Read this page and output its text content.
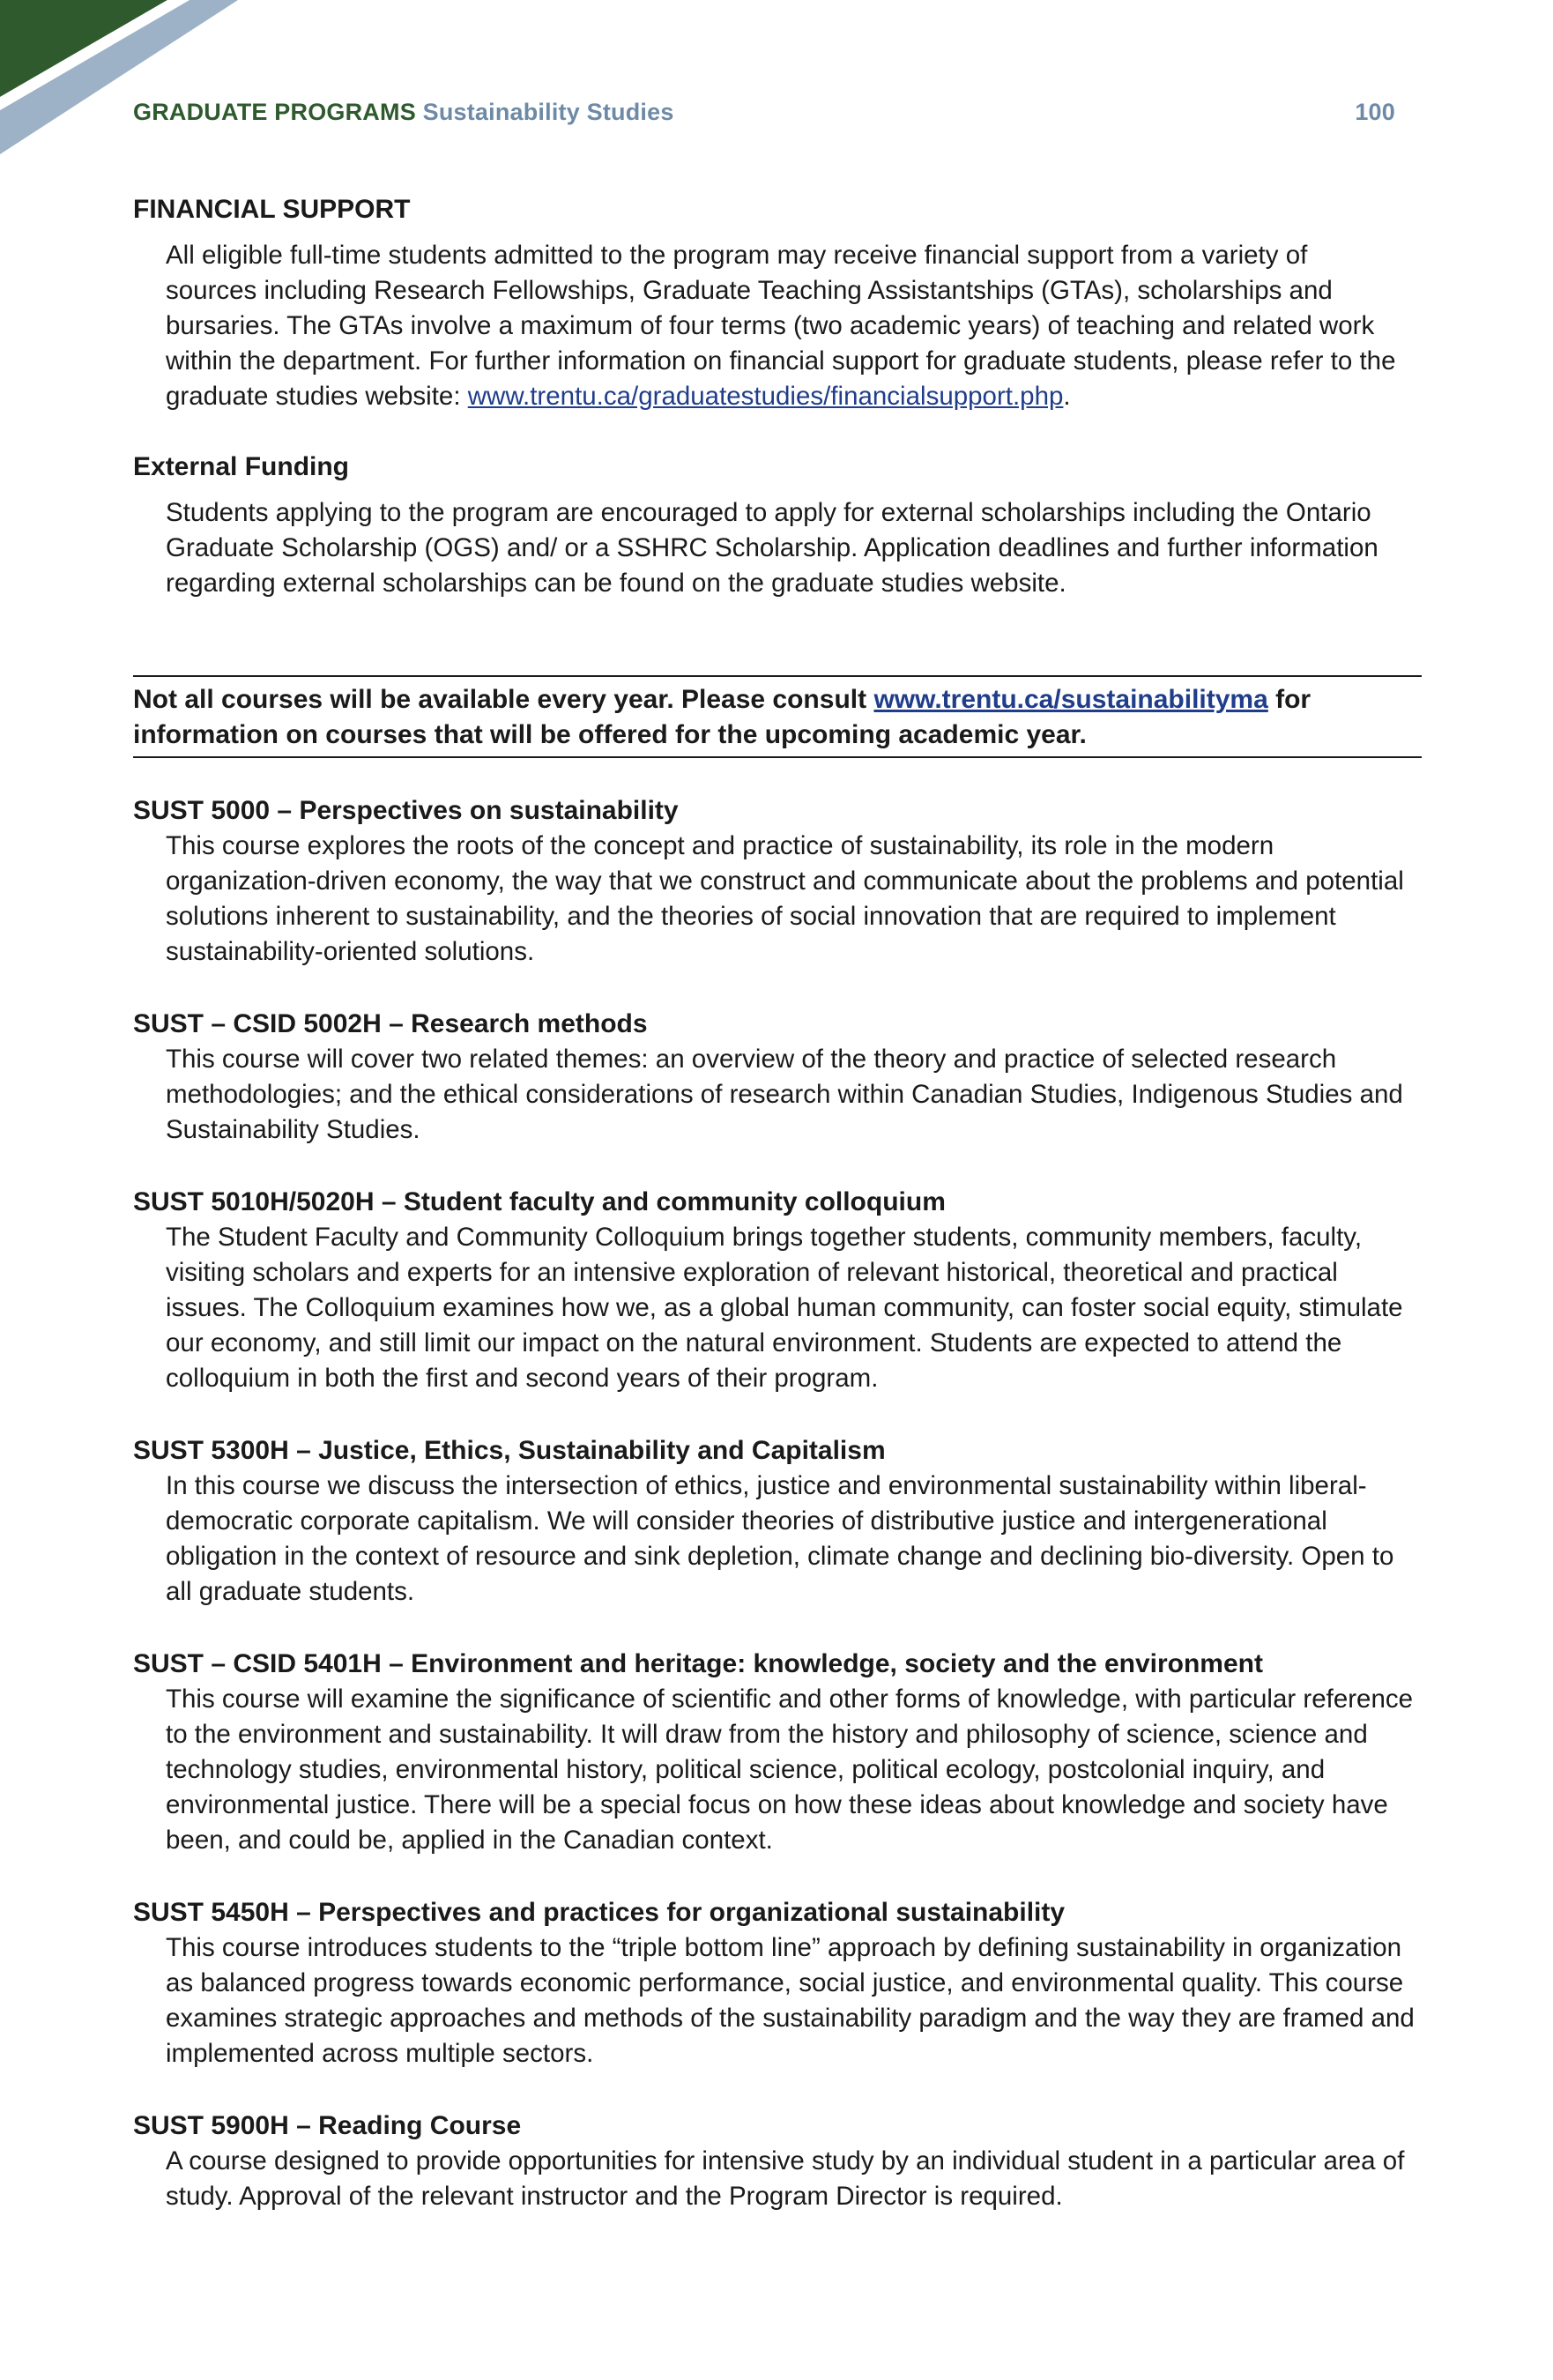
GRADUATE PROGRAMS Sustainability Studies	100
FINANCIAL SUPPORT

All eligible full-time students admitted to the program may receive financial support from a variety of sources including Research Fellowships, Graduate Teaching Assistantships (GTAs), scholarships and bursaries. The GTAs involve a maximum of four terms (two academic years) of teaching and related work within the department. For further information on financial support for graduate students, please refer to the graduate studies website: www.trentu.ca/graduatestudies/financialsupport.php.

External Funding

Students applying to the program are encouraged to apply for external scholarships including the Ontario Graduate Scholarship (OGS) and/ or a SSHRC Scholarship. Application deadlines and further information regarding external scholarships can be found on the graduate studies website.

Not all courses will be available every year. Please consult www.trentu.ca/sustainabilityma for information on courses that will be offered for the upcoming academic year.
SUST 5000 – Perspectives on sustainability

This course explores the roots of the concept and practice of sustainability, its role in the modern organization-driven economy, the way that we construct and communicate about the problems and potential solutions inherent to sustainability, and the theories of social innovation that are required to implement sustainability-oriented solutions.

SUST – CSID 5002H – Research methods

This course will cover two related themes: an overview of the theory and practice of selected research methodologies; and the ethical considerations of research within Canadian Studies, Indigenous Studies and Sustainability Studies.

SUST 5010H/5020H – Student faculty and community colloquium

The Student Faculty and Community Colloquium brings together students, community members, faculty, visiting scholars and experts for an intensive exploration of relevant historical, theoretical and practical issues. The Colloquium examines how we, as a global human community, can foster social equity, stimulate our economy, and still limit our impact on the natural environment. Students are expected to attend the colloquium in both the first and second years of their program.

SUST 5300H – Justice, Ethics, Sustainability and Capitalism

In this course we discuss the intersection of ethics, justice and environmental sustainability within liberal-democratic corporate capitalism. We will consider theories of distributive justice and intergenerational obligation in the context of resource and sink depletion, climate change and declining bio-diversity. Open to all graduate students.

SUST – CSID 5401H – Environment and heritage: knowledge, society and the environment

This course will examine the significance of scientific and other forms of knowledge, with particular reference to the environment and sustainability. It will draw from the history and philosophy of science, science and technology studies, environmental history, political science, political ecology, postcolonial inquiry, and environmental justice. There will be a special focus on how these ideas about knowledge and society have been, and could be, applied in the Canadian context.

SUST 5450H – Perspectives and practices for organizational sustainability

This course introduces students to the “triple bottom line” approach by defining sustainability in organization as balanced progress towards economic performance, social justice, and environmental quality. This course examines strategic approaches and methods of the sustainability paradigm and the way they are framed and implemented across multiple sectors.

SUST 5900H – Reading Course

A course designed to provide opportunities for intensive study by an individual student in a particular area of study. Approval of the relevant instructor and the Program Director is required.
